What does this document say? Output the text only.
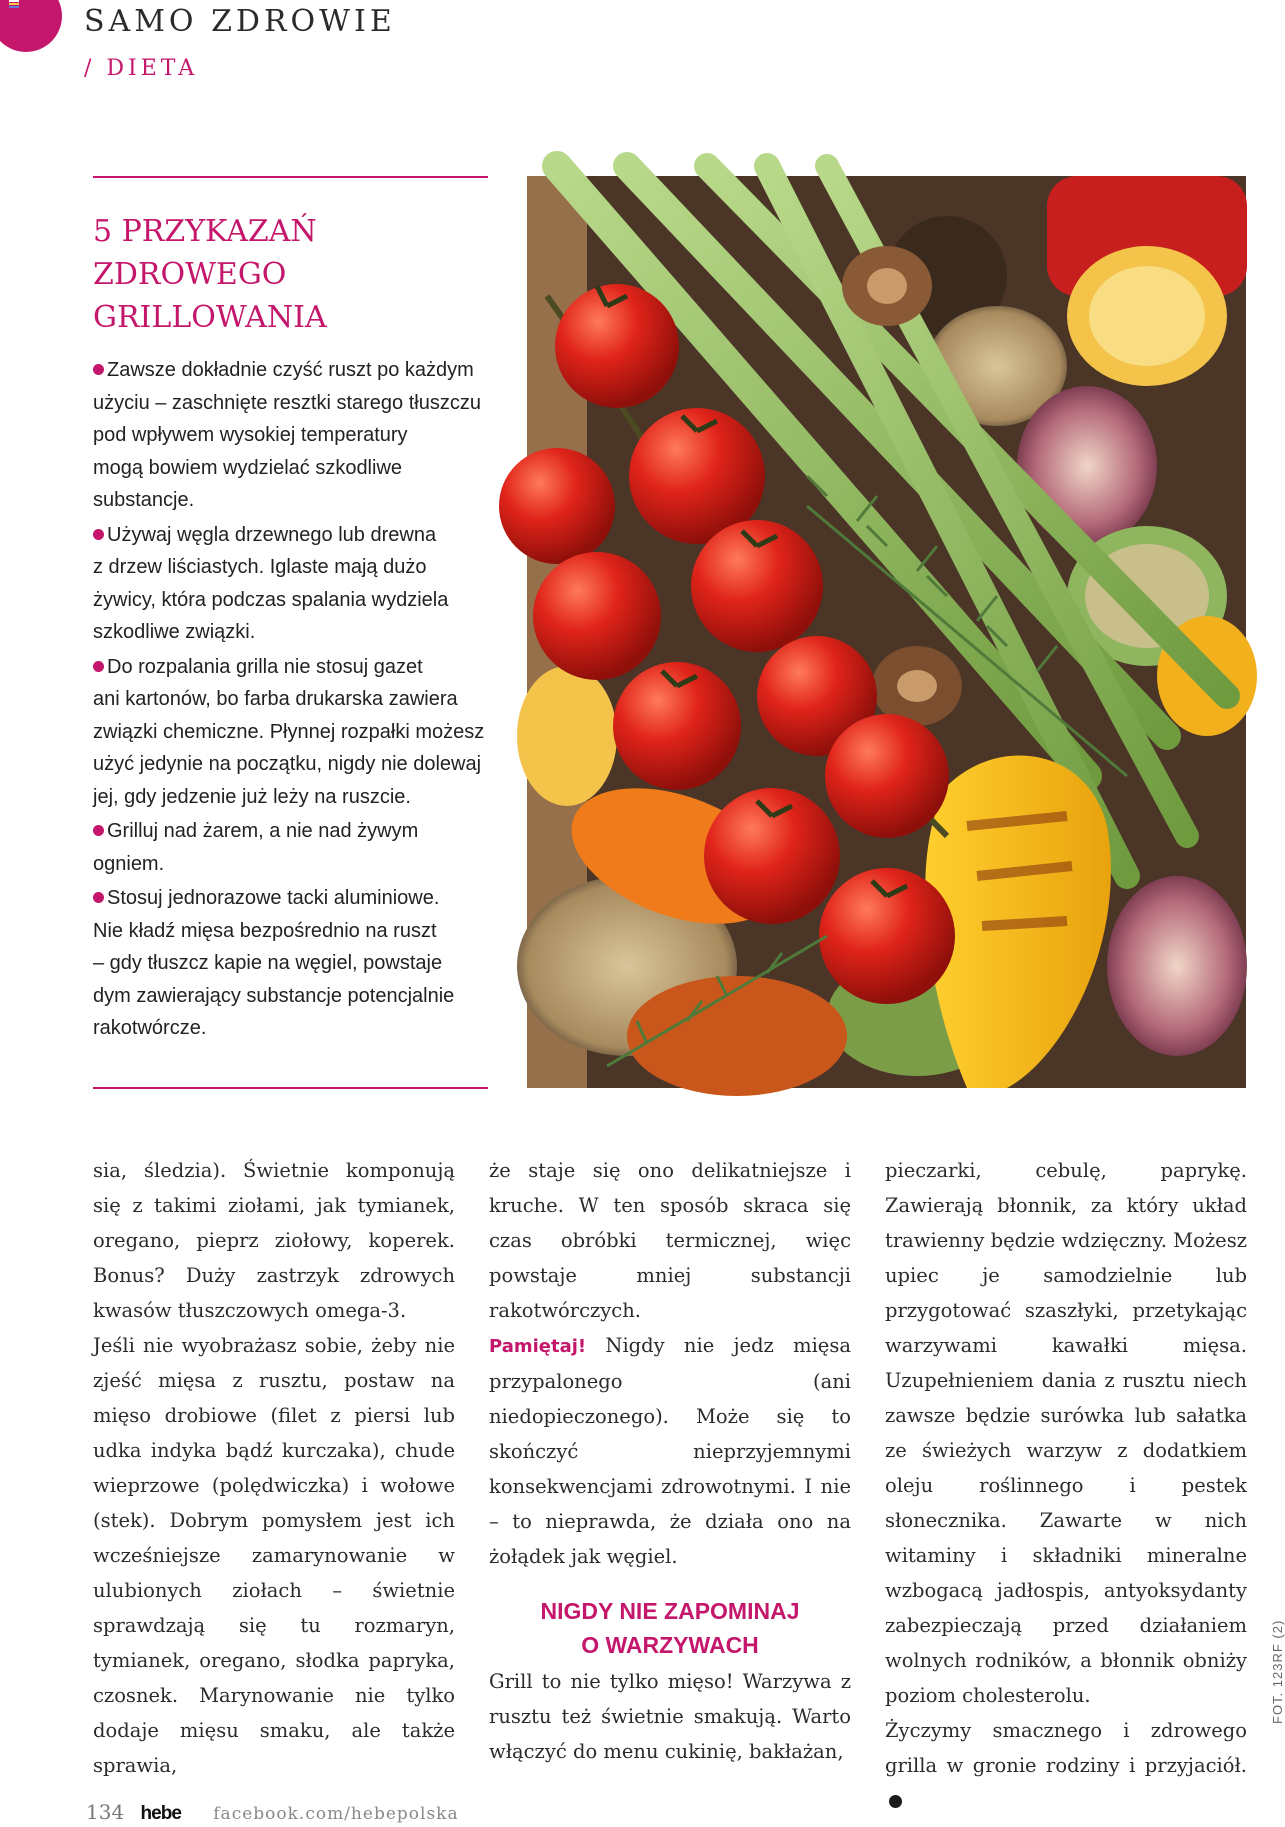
SAMO ZDROWIE
/ DIETA
5 PRZYKAZAŃ
ZDROWEGO
GRILLOWANIA

Zawsze dokładnie czyść ruszt po każdym
użyciu – zaschnięte resztki starego tłuszczu
pod wpływem wysokiej temperatury
mogą bowiem wydzielać szkodliwe
substancje.

Używaj węgla drzewnego lub drewna
z drzew liściastych. Iglaste mają dużo
żywicy, która podczas spalania wydziela
szkodliwe związki.

Do rozpalania grilla nie stosuj gazet
ani kartonów, bo farba drukarska zawiera
związki chemiczne. Płynnej rozpałki możesz
użyć jedynie na początku, nigdy nie dolewaj
jej, gdy jedzenie już leży na ruszcie.

Grilluj nad żarem, a nie nad żywym
ogniem.

Stosuj jednorazowe tacki aluminiowe.
Nie kładź mięsa bezpośrednio na ruszt
– gdy tłuszcz kapie na węgiel, powstaje
dym zawierający substancje potencjalnie
rakotwórcze.

sia, śledzia). Świetnie komponują się z takimi ziołami, jak tymianek, oregano, pieprz ziołowy, koperek. Bonus? Duży zastrzyk zdrowych kwasów tłuszczowych omega-3.

Jeśli nie wyobrażasz sobie, żeby nie zjeść mięsa z rusztu, postaw na mięso drobiowe (filet z piersi lub udka indyka bądź kurczaka), chude wieprzowe (polędwiczka) i wołowe (stek). Dobrym pomysłem jest ich wcześniejsze zamarynowanie w ulubionych ziołach – świetnie sprawdzają się tu rozmaryn, tymianek, oregano, słodka papryka, czosnek. Marynowanie nie tylko dodaje mięsu smaku, ale także sprawia,

że staje się ono delikatniejsze i kruche. W ten sposób skraca się czas obróbki termicznej, więc powstaje mniej substancji rakotwórczych.

Pamiętaj! Nigdy nie jedz mięsa przypalonego (ani niedopieczonego). Może się to skończyć nieprzyjemnymi konsekwencjami zdrowotnymi. I nie – to nieprawda, że działa ono na żołądek jak węgiel.

NIGDY NIE ZAPOMINAJ
O WARZYWACH

Grill to nie tylko mięso! Warzywa z rusztu też świetnie smakują. Warto włączyć do menu cukinię, bakłażan,

pieczarki, cebulę, paprykę. Zawierają błonnik, za który układ trawienny będzie wdzięczny. Możesz upiec je samodzielnie lub przygotować szaszłyki, przetykając warzywami kawałki mięsa. Uzupełnieniem dania z rusztu niech zawsze będzie surówka lub sałatka ze świeżych warzyw z dodatkiem oleju roślinnego i pestek słonecznika. Zawarte w nich witaminy i składniki mineralne wzbogacą jadłospis, antyoksydanty zabezpieczają przed działaniem wolnych rodników, a błonnik obniży poziom cholesterolu.

Życzymy smacznego i zdrowego grilla w gronie rodziny i przyjaciół.

FOT. 123RF (2)
134 hebe facebook.com/hebepolska
